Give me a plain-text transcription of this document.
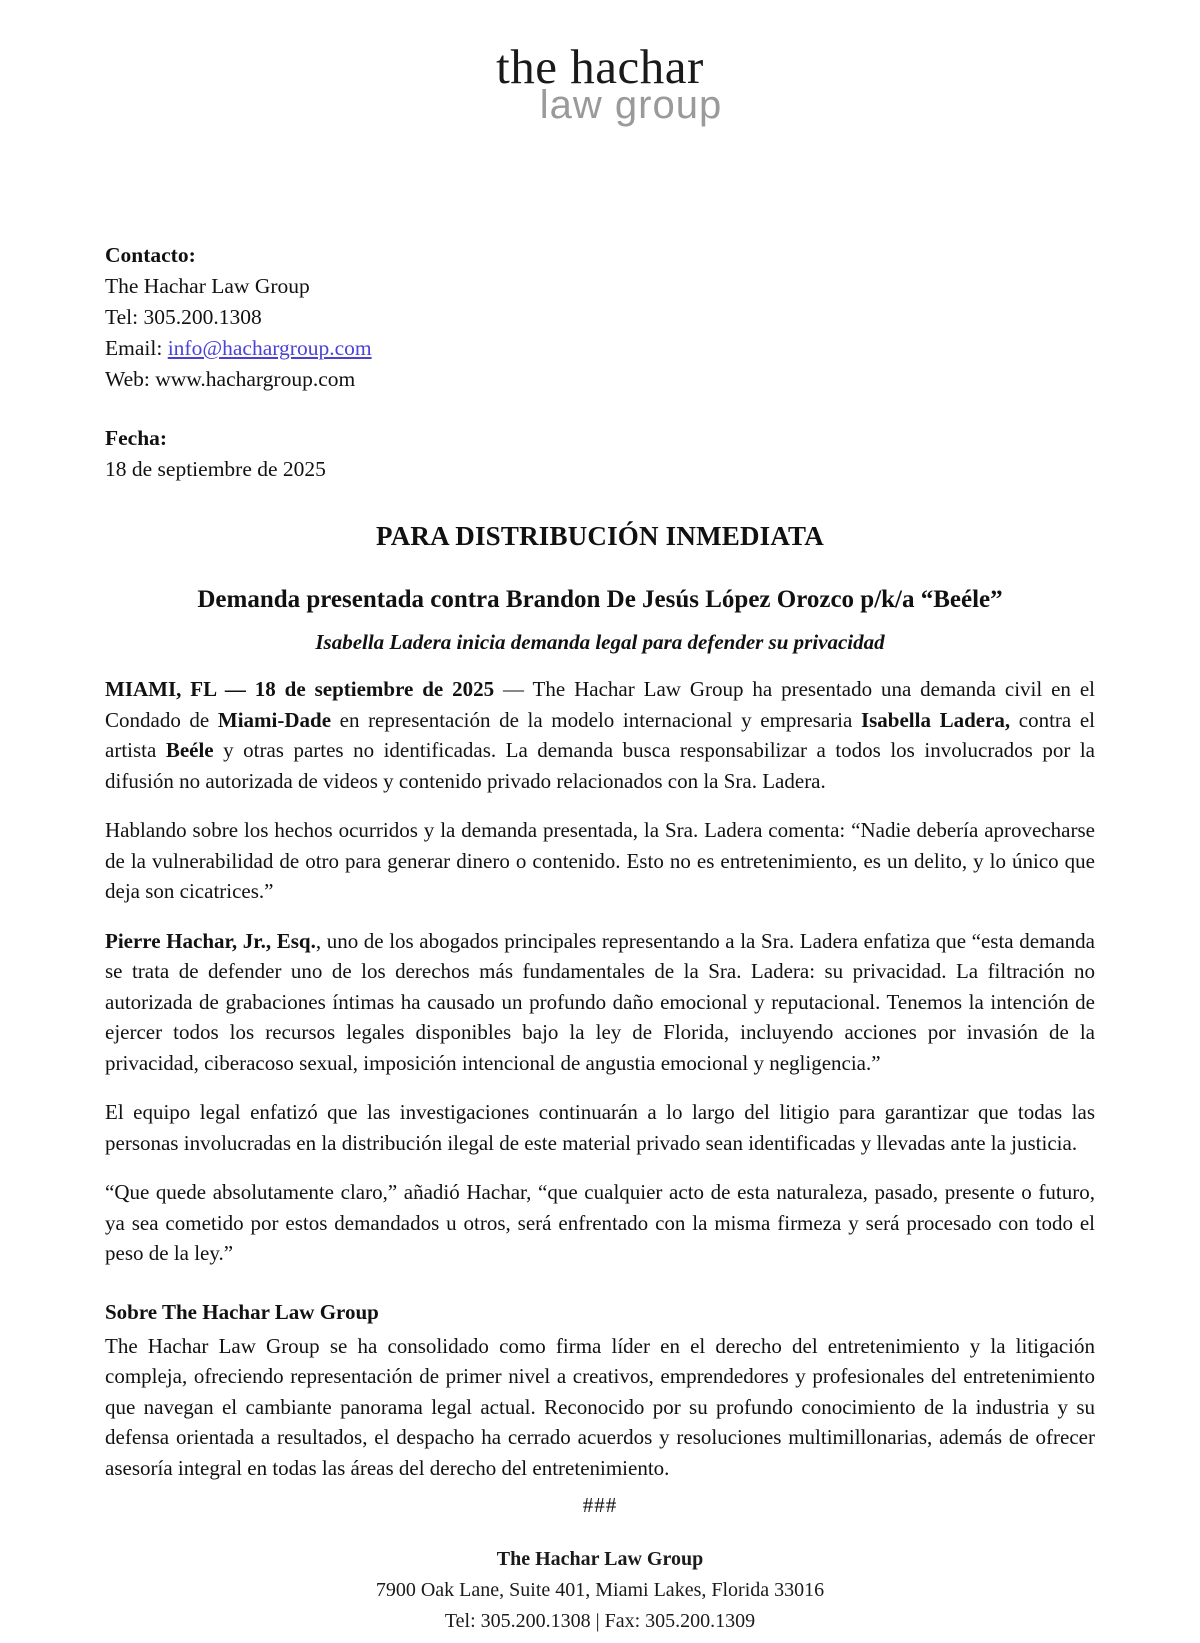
the hachar
law group
Contacto:
The Hachar Law Group
Tel: 305.200.1308
Email: info@hachargroup.com
Web: www.hachargroup.com
Fecha:
18 de septiembre de 2025
PARA DISTRIBUCIÓN INMEDIATA
Demanda presentada contra Brandon De Jesús López Orozco p/k/a “Beéle”
Isabella Ladera inicia demanda legal para defender su privacidad

MIAMI, FL — 18 de septiembre de 2025 — The Hachar Law Group ha presentado una demanda civil en el Condado de Miami-Dade en representación de la modelo internacional y empresaria Isabella Ladera, contra el artista Beéle y otras partes no identificadas. La demanda busca responsabilizar a todos los involucrados por la difusión no autorizada de videos y contenido privado relacionados con la Sra. Ladera.

Hablando sobre los hechos ocurridos y la demanda presentada, la Sra. Ladera comenta: “Nadie debería aprovecharse de la vulnerabilidad de otro para generar dinero o contenido. Esto no es entretenimiento, es un delito, y lo único que deja son cicatrices.”

Pierre Hachar, Jr., Esq., uno de los abogados principales representando a la Sra. Ladera enfatiza que “esta demanda se trata de defender uno de los derechos más fundamentales de la Sra. Ladera: su privacidad. La filtración no autorizada de grabaciones íntimas ha causado un profundo daño emocional y reputacional. Tenemos la intención de ejercer todos los recursos legales disponibles bajo la ley de Florida, incluyendo acciones por invasión de la privacidad, ciberacoso sexual, imposición intencional de angustia emocional y negligencia.”

El equipo legal enfatizó que las investigaciones continuarán a lo largo del litigio para garantizar que todas las personas involucradas en la distribución ilegal de este material privado sean identificadas y llevadas ante la justicia.

“Que quede absolutamente claro,” añadió Hachar, “que cualquier acto de esta naturaleza, pasado, presente o futuro, ya sea cometido por estos demandados u otros, será enfrentado con la misma firmeza y será procesado con todo el peso de la ley.”

Sobre The Hachar Law Group

The Hachar Law Group se ha consolidado como firma líder en el derecho del entretenimiento y la litigación compleja, ofreciendo representación de primer nivel a creativos, emprendedores y profesionales del entretenimiento que navegan el cambiante panorama legal actual. Reconocido por su profundo conocimiento de la industria y su defensa orientada a resultados, el despacho ha cerrado acuerdos y resoluciones multimillonarias, además de ofrecer asesoría integral en todas las áreas del derecho del entretenimiento.

###
The Hachar Law Group
7900 Oak Lane, Suite 401, Miami Lakes, Florida 33016
Tel: 305.200.1308 | Fax: 305.200.1309
